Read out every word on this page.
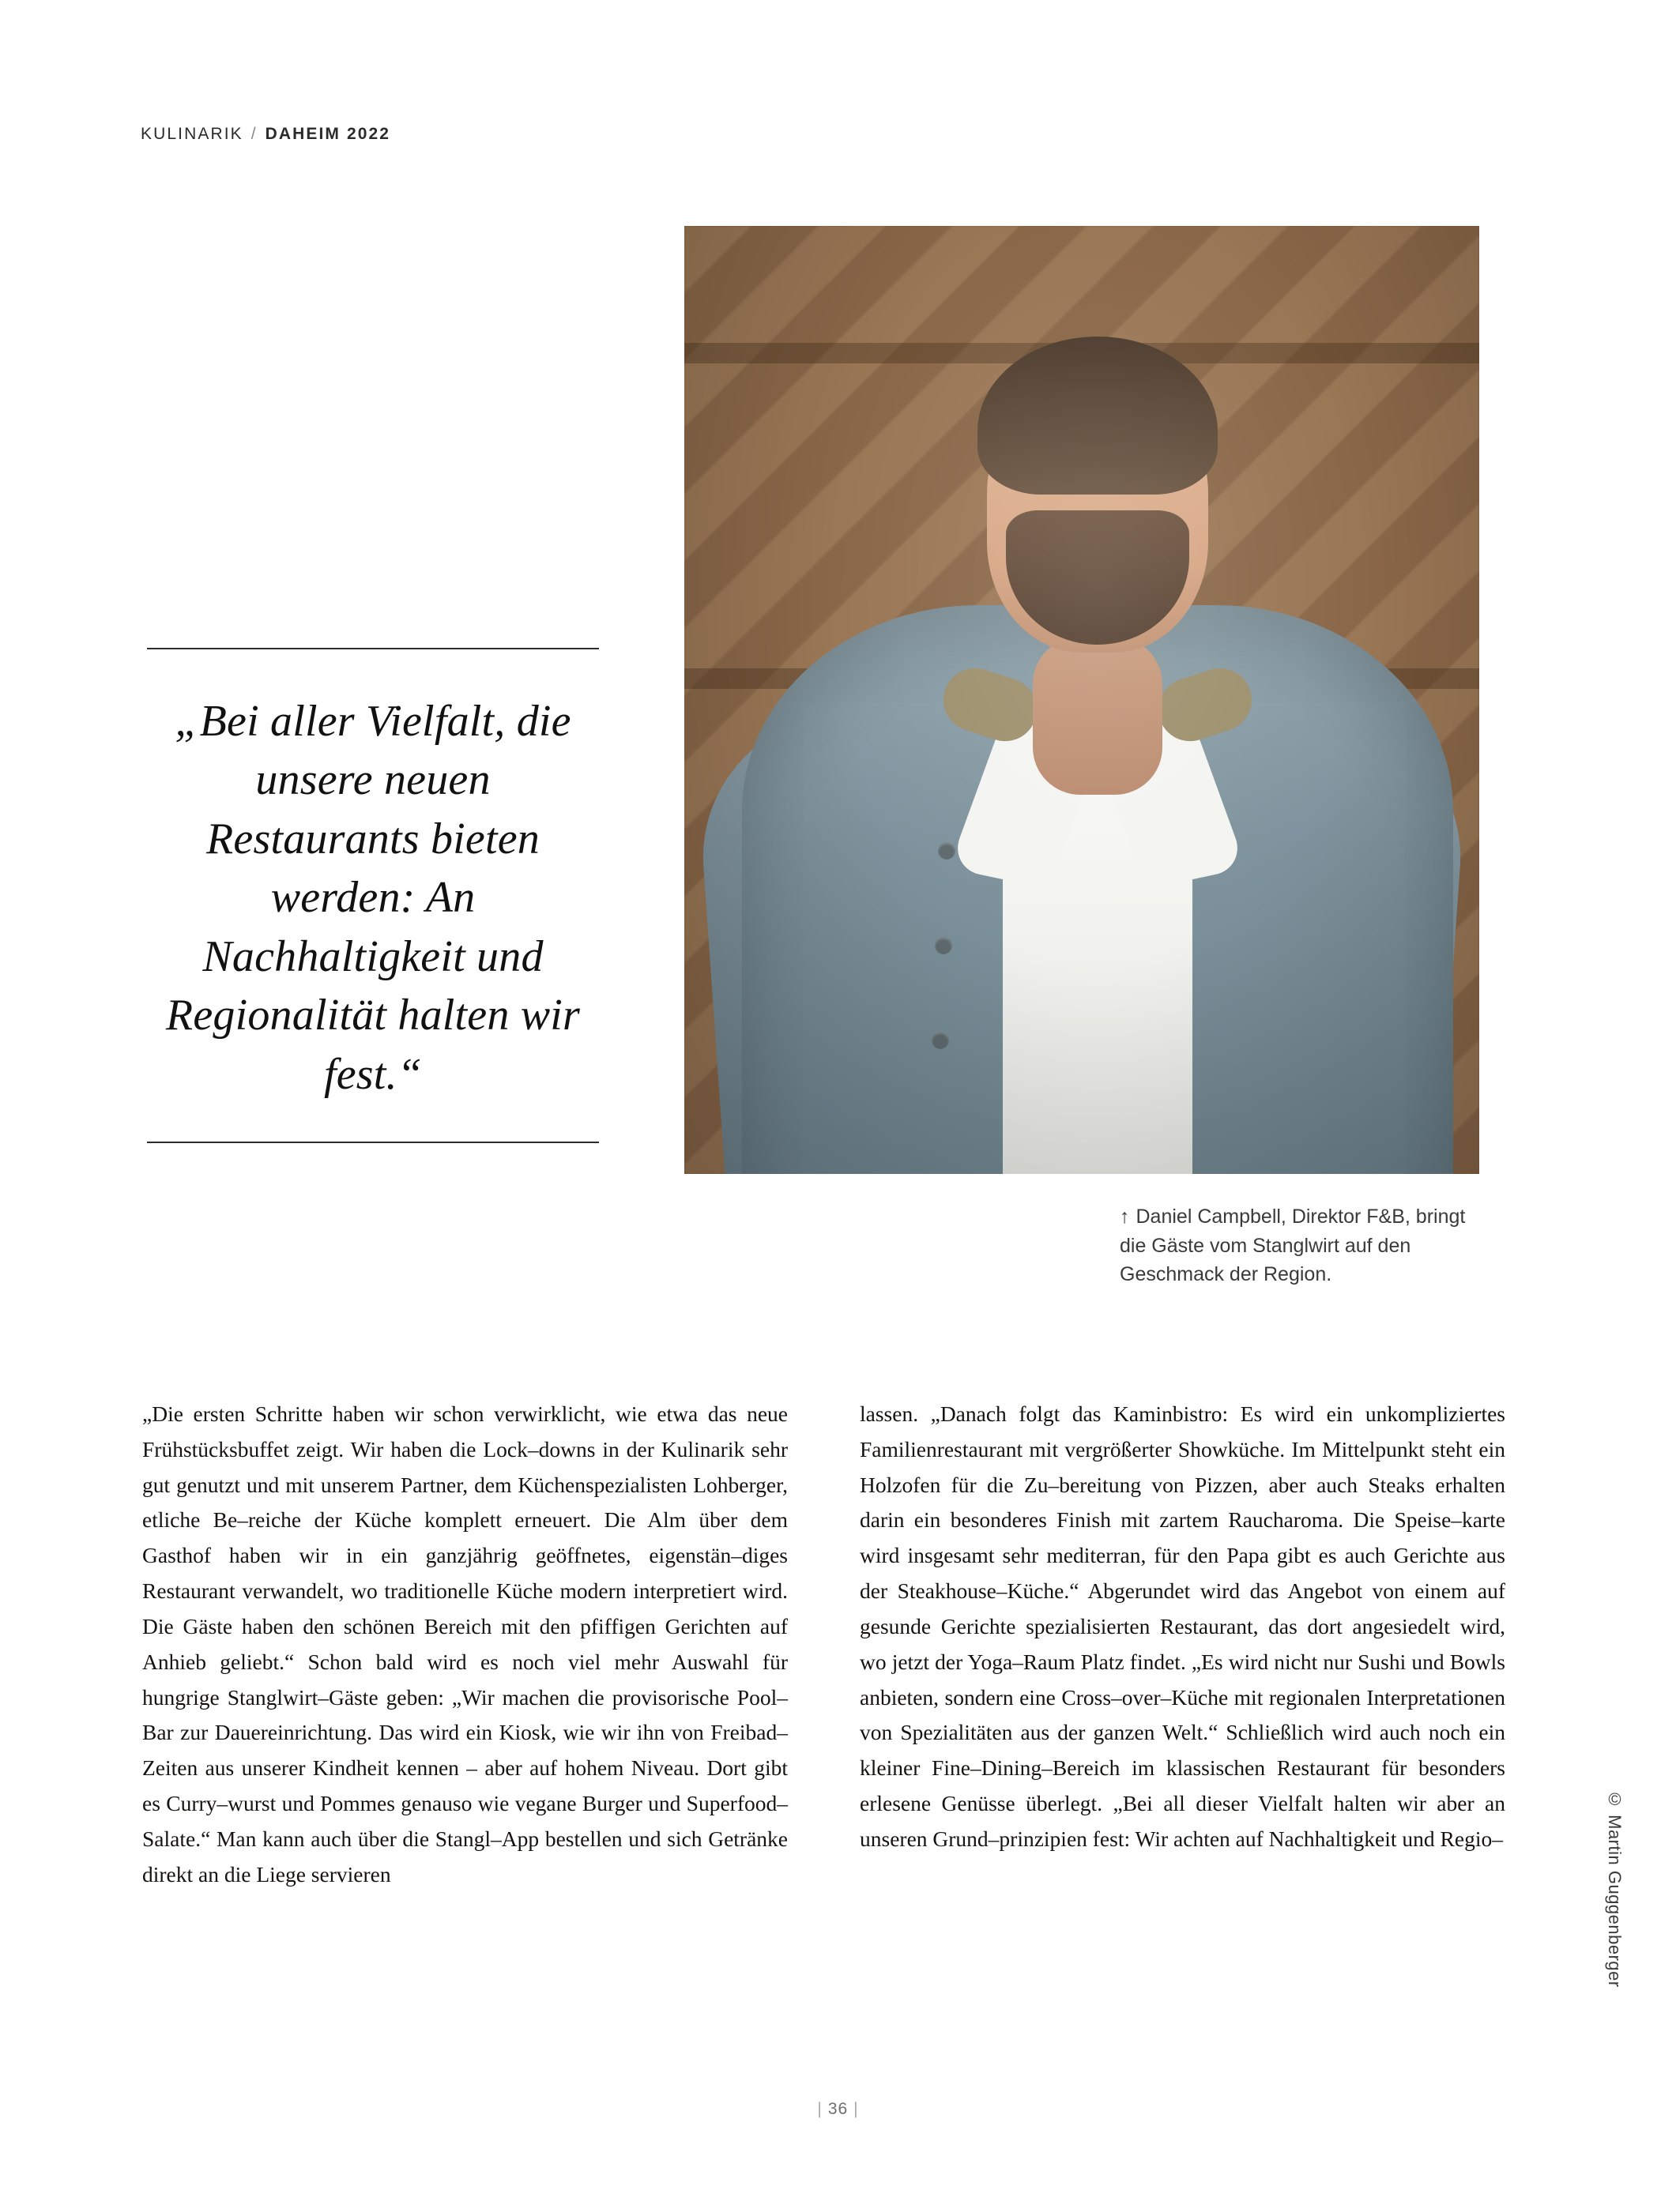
KULINARIK / DAHEIM 2022
„Bei aller Vielfalt, die unsere neuen Restaurants bieten werden: An Nachhaltigkeit und Regionalität halten wir fest.“
↑ Daniel Campbell, Direktor F&B, bringt die Gäste vom Stanglwirt auf den Geschmack der Region.

„Die ersten Schritte haben wir schon verwirklicht, wie etwa das neue Frühstücksbuffet zeigt. Wir haben die Lock–downs in der Kulinarik sehr gut genutzt und mit unserem Partner, dem Küchenspezialisten Lohberger, etliche Be–reiche der Küche komplett erneuert. Die Alm über dem Gasthof haben wir in ein ganzjährig geöffnetes, eigenstän–diges Restaurant verwandelt, wo traditionelle Küche modern interpretiert wird. Die Gäste haben den schönen Bereich mit den pfiffigen Gerichten auf Anhieb geliebt.“ Schon bald wird es noch viel mehr Auswahl für hungrige Stanglwirt–Gäste geben: „Wir machen die provisorische Pool–Bar zur Dauereinrichtung. Das wird ein Kiosk, wie wir ihn von Freibad–Zeiten aus unserer Kindheit kennen – aber auf hohem Niveau. Dort gibt es Curry–wurst und Pommes genauso wie vegane Burger und Superfood–Salate.“ Man kann auch über die Stangl–App bestellen und sich Getränke direkt an die Liege servieren

lassen. „Danach folgt das Kaminbistro: Es wird ein unkompliziertes Familienrestaurant mit vergrößerter Showküche. Im Mittelpunkt steht ein Holzofen für die Zu–bereitung von Pizzen, aber auch Steaks erhalten darin ein besonderes Finish mit zartem Raucharoma. Die Speise–karte wird insgesamt sehr mediterran, für den Papa gibt es auch Gerichte aus der Steakhouse–Küche.“ Abgerundet wird das Angebot von einem auf gesunde Gerichte spezialisierten Restaurant, das dort angesiedelt wird, wo jetzt der Yoga–Raum Platz findet. „Es wird nicht nur Sushi und Bowls anbieten, sondern eine Cross–over–Küche mit regionalen Interpretationen von Spezialitäten aus der ganzen Welt.“ Schließlich wird auch noch ein kleiner Fine–Dining–Bereich im klassischen Restaurant für besonders erlesene Genüsse überlegt. „Bei all dieser Vielfalt halten wir aber an unseren Grund–prinzipien fest: Wir achten auf Nachhaltigkeit und Regio–	© Martin Guggenberger
| 36 |
